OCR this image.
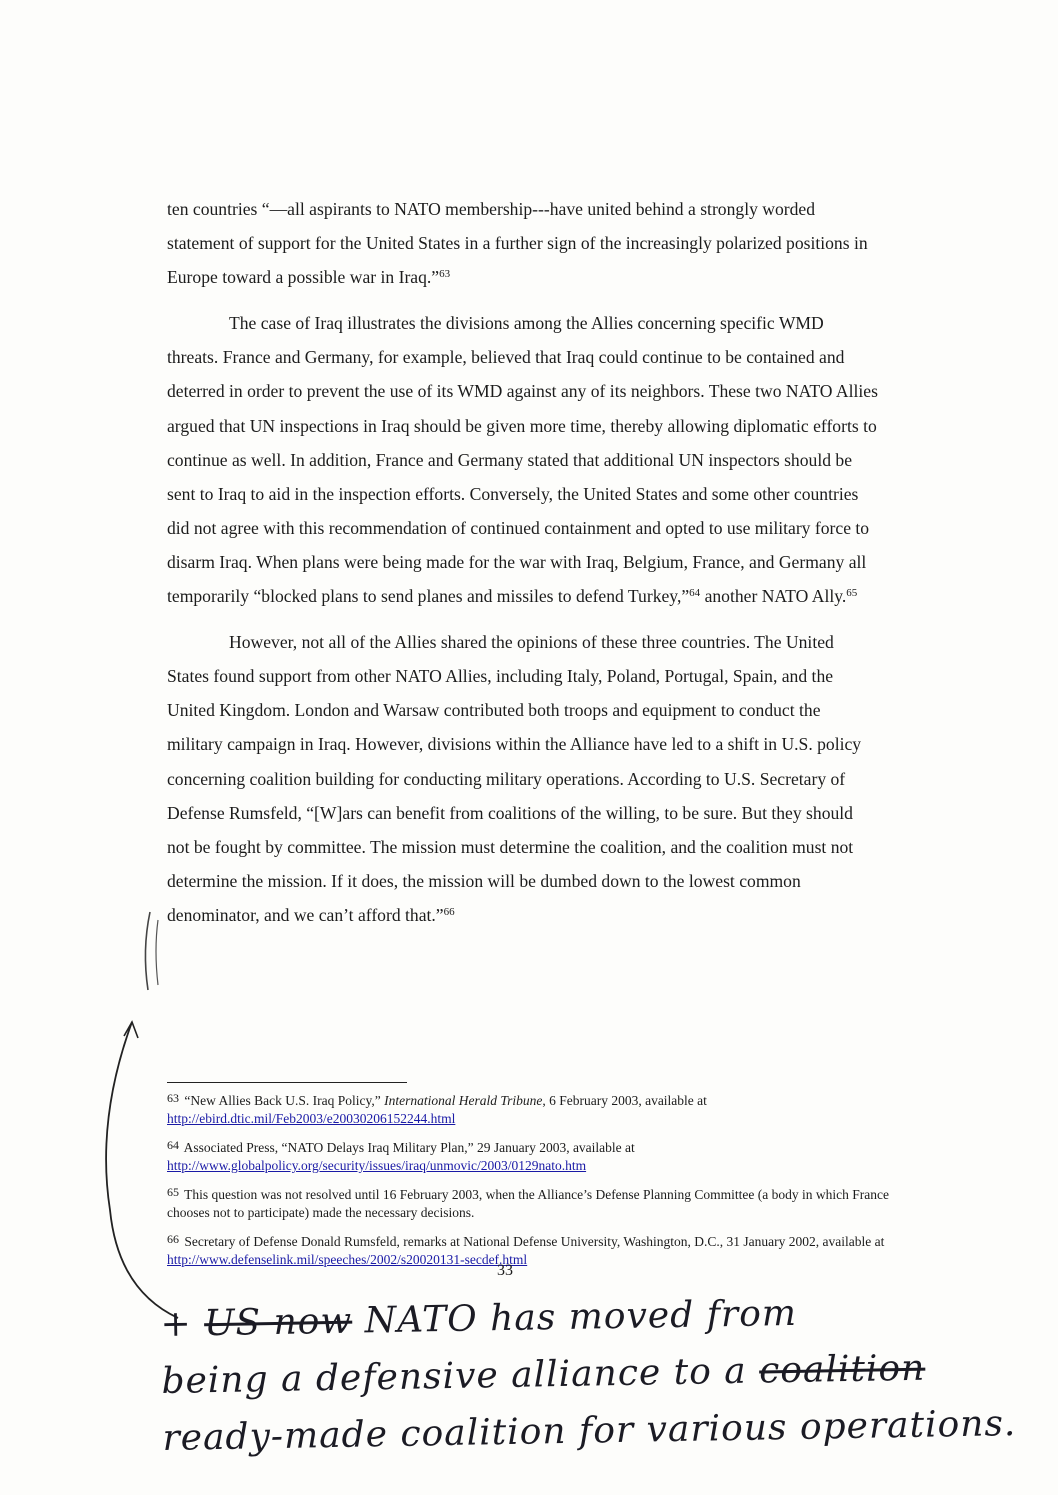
ten countries “—all aspirants to NATO membership---have united behind a strongly worded statement of support for the United States in a further sign of the increasingly polarized positions in Europe toward a possible war in Iraq.”$^{63}$

The case of Iraq illustrates the divisions among the Allies concerning specific WMD threats. France and Germany, for example, believed that Iraq could continue to be contained and deterred in order to prevent the use of its WMD against any of its neighbors. These two NATO Allies argued that UN inspections in Iraq should be given more time, thereby allowing diplomatic efforts to continue as well. In addition, France and Germany stated that additional UN inspectors should be sent to Iraq to aid in the inspection efforts. Conversely, the United States and some other countries did not agree with this recommendation of continued containment and opted to use military force to disarm Iraq. When plans were being made for the war with Iraq, Belgium, France, and Germany all temporarily “blocked plans to send planes and missiles to defend Turkey,”$^{64}$ another NATO Ally.$^{65}$

However, not all of the Allies shared the opinions of these three countries. The United States found support from other NATO Allies, including Italy, Poland, Portugal, Spain, and the United Kingdom. London and Warsaw contributed both troops and equipment to conduct the military campaign in Iraq. However, divisions within the Alliance have led to a shift in U.S. policy concerning coalition building for conducting military operations. According to U.S. Secretary of Defense Rumsfeld, “[W]ars can benefit from coalitions of the willing, to be sure. But they should not be fought by committee. The mission must determine the coalition, and the coalition must not determine the mission. If it does, the mission will be dumbed down to the lowest common denominator, and we can’t afford that.”$^{66}$

63 “New Allies Back U.S. Iraq Policy,” International Herald Tribune, 6 February 2003, available at
http://ebird.dtic.mil/Feb2003/e20030206152244.html

64 Associated Press, “NATO Delays Iraq Military Plan,” 29 January 2003, available at
http://www.globalpolicy.org/security/issues/iraq/unmovic/2003/0129nato.htm

65 This question was not resolved until 16 February 2003, when the Alliance’s Defense Planning Committee (a body in which France chooses not to participate) made the necessary decisions.

66 Secretary of Defense Donald Rumsfeld, remarks at National Defense University, Washington, D.C., 31 January 2002, available at http://www.defenselink.mil/speeches/2002/s20020131-secdef.html

33
+ US now NATO has moved from
being a defensive alliance to a coalition
ready-made coalition for various operations.
